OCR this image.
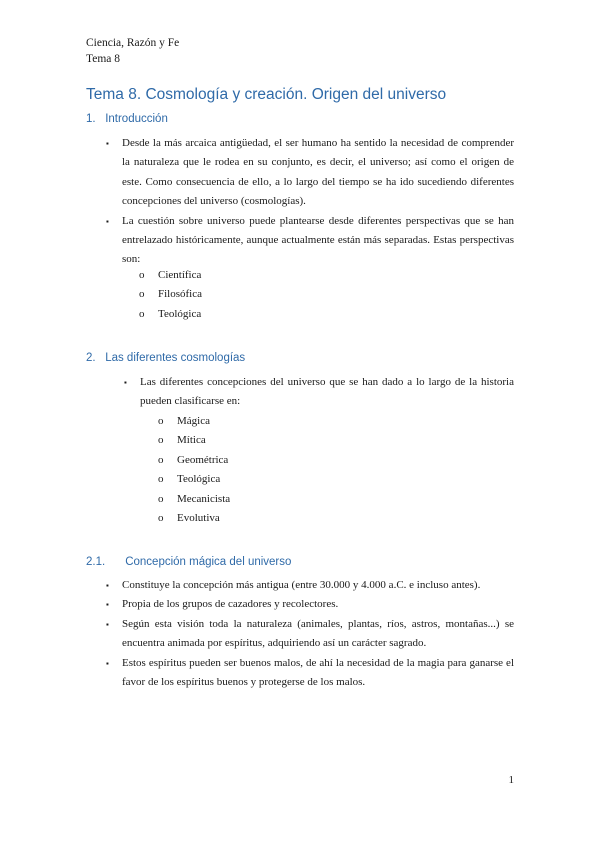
Ciencia, Razón y Fe
Tema 8
Tema 8. Cosmología y creación. Origen del universo
1. Introducción
▪ Desde la más arcaica antigüedad, el ser humano ha sentido la necesidad de comprender la naturaleza que le rodea en su conjunto, es decir, el universo; así como el origen de este. Como consecuencia de ello, a lo largo del tiempo se ha ido sucediendo diferentes concepciones del universo (cosmologías).
▪ La cuestión sobre universo puede plantearse desde diferentes perspectivas que se han entrelazado históricamente, aunque actualmente están más separadas. Estas perspectivas son:
o Científica
o Filosófica
o Teológica
2. Las diferentes cosmologías
▪ Las diferentes concepciones del universo que se han dado a lo largo de la historia pueden clasificarse en:
o Mágica
o Mítica
o Geométrica
o Teológica
o Mecanicista
o Evolutiva
2.1. Concepción mágica del universo
▪ Constituye la concepción más antigua (entre 30.000 y 4.000 a.C. e incluso antes).
▪ Propia de los grupos de cazadores y recolectores.
▪ Según esta visión toda la naturaleza (animales, plantas, ríos, astros, montañas...) se encuentra animada por espíritus, adquiriendo así un carácter sagrado.
▪ Estos espíritus pueden ser buenos malos, de ahí la necesidad de la magia para ganarse el favor de los espíritus buenos y protegerse de los malos.
1
